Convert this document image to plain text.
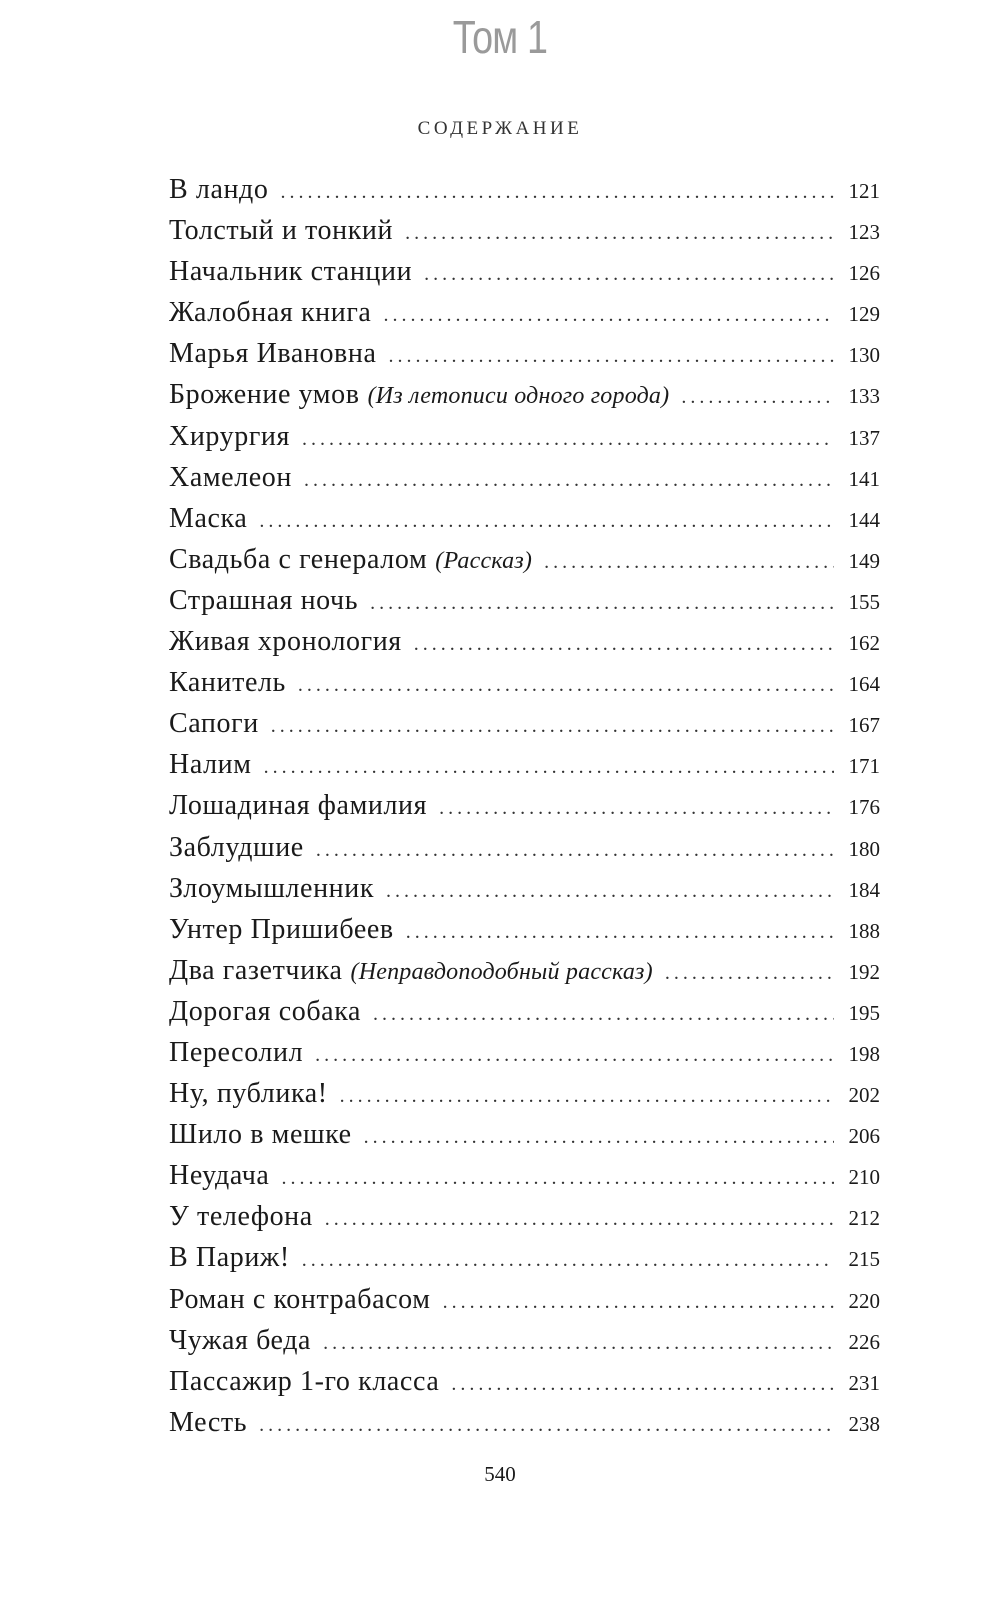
Том 1
СОДЕРЖАНИЕ
В ландо . . .	121
Толстый и тонкий . . .	123
Начальник станции . . .	126
Жалобная книга . . .	129
Марья Ивановна . . .	130
Брожение умов (Из летописи одного города) . . .	133
Хирургия . . .	137
Хамелеон . . .	141
Маска . . .	144
Свадьба с генералом (Рассказ) . . .	149
Страшная ночь . . .	155
Живая хронология . . .	162
Канитель . . .	164
Сапоги . . .	167
Налим . . .	171
Лошадиная фамилия . . .	176
Заблудшие . . .	180
Злоумышленник . . .	184
Унтер Пришибеев . . .	188
Два газетчика (Неправдоподобный рассказ) . . .	192
Дорогая собака . . .	195
Пересолил . . .	198
Ну, публика! . . .	202
Шило в мешке . . .	206
Неудача . . .	210
У телефона . . .	212
В Париж! . . .	215
Роман с контрабасом . . .	220
Чужая беда . . .	226
Пассажир 1-го класса . . .	231
Месть . . .	238
540
